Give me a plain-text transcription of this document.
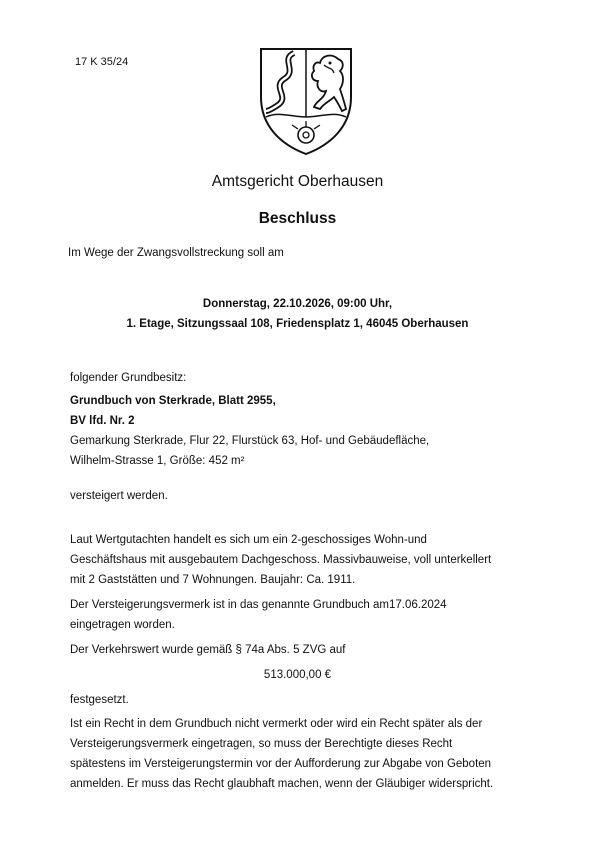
17 K 35/24
Amtsgericht Oberhausen
Beschluss
Im Wege der Zwangsvollstreckung soll am
Donnerstag, 22.10.2026, 09:00 Uhr,
1. Etage, Sitzungssaal 108, Friedensplatz 1, 46045 Oberhausen
folgender Grundbesitz:
Grundbuch von Sterkrade, Blatt 2955,
BV lfd. Nr. 2
Gemarkung Sterkrade, Flur 22, Flurstück 63, Hof- und Gebäudefläche,
Wilhelm-Strasse 1, Größe: 452 m²
versteigert werden.
Laut Wertgutachten handelt es sich um ein 2-geschossiges Wohn-und
Geschäftshaus mit ausgebautem Dachgeschoss. Massivbauweise, voll unterkellert
mit 2 Gaststätten und 7 Wohnungen. Baujahr: Ca. 1911.
Der Versteigerungsvermerk ist in das genannte Grundbuch am17.06.2024
eingetragen worden.
Der Verkehrswert wurde gemäß § 74a Abs. 5 ZVG auf
513.000,00 €
festgesetzt.
Ist ein Recht in dem Grundbuch nicht vermerkt oder wird ein Recht später als der
Versteigerungsvermerk eingetragen, so muss der Berechtigte dieses Recht
spätestens im Versteigerungstermin vor der Aufforderung zur Abgabe von Geboten
anmelden. Er muss das Recht glaubhaft machen, wenn der Gläubiger widerspricht.
